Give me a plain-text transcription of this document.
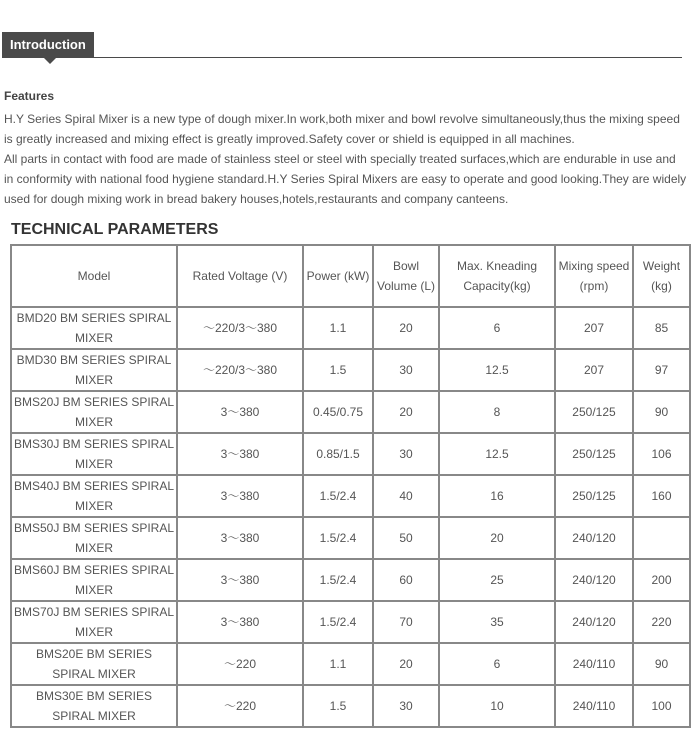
Introduction
Features

H.Y Series Spiral Mixer is a new type of dough mixer.In work,both mixer and bowl revolve simultaneously,thus the mixing speed is greatly increased and mixing effect is greatly improved.Safety cover or shield is equipped in all machines.

All parts in contact with food are made of stainless steel or steel with specially treated surfaces,which are endurable in use and in conformity with national food hygiene standard.H.Y Series Spiral Mixers are easy to operate and good looking.They are widely used for dough mixing work in bread bakery houses,hotels,restaurants and company canteens.

TECHNICAL PARAMETERS
Model	Rated Voltage (V)	Power (kW)	Bowl Volume (L)	Max. Kneading Capacity(kg)	Mixing speed (rpm)	Weight (kg)
BMD20 BM SERIES SPIRAL MIXER	〜220/3〜380	1.1	20	6	207	85
BMD30 BM SERIES SPIRAL MIXER	〜220/3〜380	1.5	30	12.5	207	97
BMS20J BM SERIES SPIRAL MIXER	3〜380	0.45/0.75	20	8	250/125	90
BMS30J BM SERIES SPIRAL MIXER	3〜380	0.85/1.5	30	12.5	250/125	106
BMS40J BM SERIES SPIRAL MIXER	3〜380	1.5/2.4	40	16	250/125	160
BMS50J BM SERIES SPIRAL MIXER	3〜380	1.5/2.4	50	20	240/120	
BMS60J BM SERIES SPIRAL MIXER	3〜380	1.5/2.4	60	25	240/120	200
BMS70J BM SERIES SPIRAL MIXER	3〜380	1.5/2.4	70	35	240/120	220
BMS20E BM SERIES SPIRAL MIXER	〜220	1.1	20	6	240/110	90
BMS30E BM SERIES SPIRAL MIXER	〜220	1.5	30	10	240/110	100
